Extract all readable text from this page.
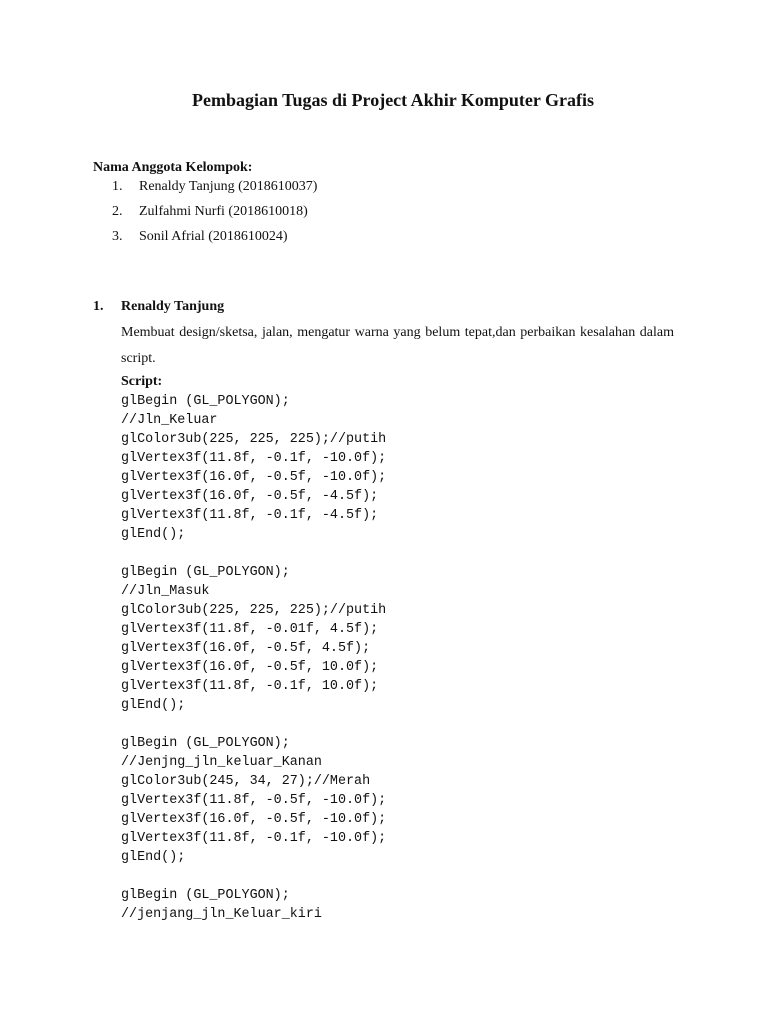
Pembagian Tugas di Project Akhir Komputer Grafis

Nama Anggota Kelompok:

1. Renaldy Tanjung (2018610037)
2. Zulfahmi Nurfi (2018610018)
3. Sonil Afrial (2018610024)
1. Renaldy Tanjung

Membuat design/sketsa, jalan, mengatur warna yang belum tepat,dan perbaikan kesalahan dalam script.

Script:

glBegin (GL_POLYGON);
//Jln_Keluar
glColor3ub(225, 225, 225);//putih
glVertex3f(11.8f, -0.1f, -10.0f);
glVertex3f(16.0f, -0.5f, -10.0f);
glVertex3f(16.0f, -0.5f, -4.5f);
glVertex3f(11.8f, -0.1f, -4.5f);
glEnd();
glBegin (GL_POLYGON);
//Jln_Masuk
glColor3ub(225, 225, 225);//putih
glVertex3f(11.8f, -0.01f, 4.5f);
glVertex3f(16.0f, -0.5f, 4.5f);
glVertex3f(16.0f, -0.5f, 10.0f);
glVertex3f(11.8f, -0.1f, 10.0f);
glEnd();
glBegin (GL_POLYGON);
//Jenjng_jln_keluar_Kanan
glColor3ub(245, 34, 27);//Merah
glVertex3f(11.8f, -0.5f, -10.0f);
glVertex3f(16.0f, -0.5f, -10.0f);
glVertex3f(11.8f, -0.1f, -10.0f);
glEnd();
glBegin (GL_POLYGON);
//jenjang_jln_Keluar_kiri
